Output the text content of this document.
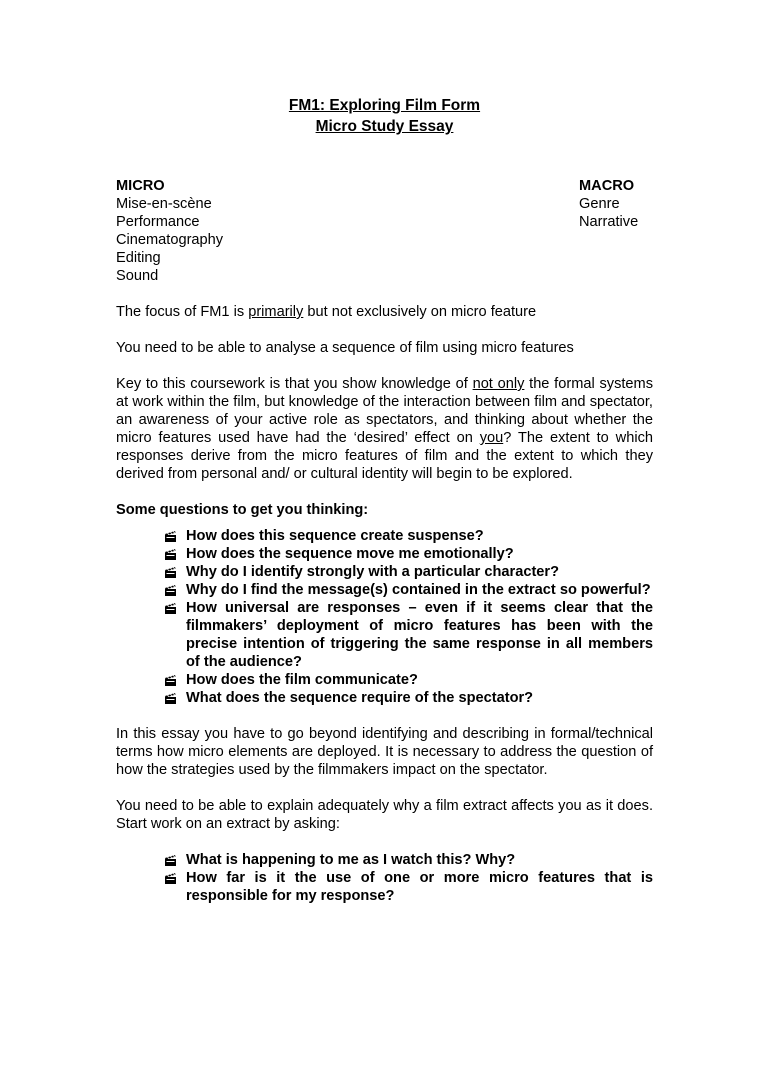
FM1: Exploring Film Form
Micro Study Essay
MICRO
Mise-en-scène
Performance
Cinematography
Editing
Sound
MACRO
Genre
Narrative

The focus of FM1 is primarily but not exclusively on micro feature

You need to be able to analyse a sequence of film using micro features

Key to this coursework is that you show knowledge of not only the formal systems at work within the film, but knowledge of the interaction between film and spectator, an awareness of your active role as spectators, and thinking about whether the micro features used have had the ‘desired’ effect on you? The extent to which responses derive from the micro features of film and the extent to which they derived from personal and/ or cultural identity will begin to be explored.

Some questions to get you thinking:

How does this sequence create suspense?
How does the sequence move me emotionally?
Why do I identify strongly with a particular character?
Why do I find the message(s) contained in the extract so powerful?
How universal are responses – even if it seems clear that the filmmakers’ deployment of micro features has been with the precise intention of triggering the same response in all members of the audience?
How does the film communicate?
What does the sequence require of the spectator?

In this essay you have to go beyond identifying and describing in formal/technical terms how micro elements are deployed. It is necessary to address the question of how the strategies used by the filmmakers impact on the spectator.

You need to be able to explain adequately why a film extract affects you as it does. Start work on an extract by asking:

What is happening to me as I watch this? Why?
How far is it the use of one or more micro features that is responsible for my response?
